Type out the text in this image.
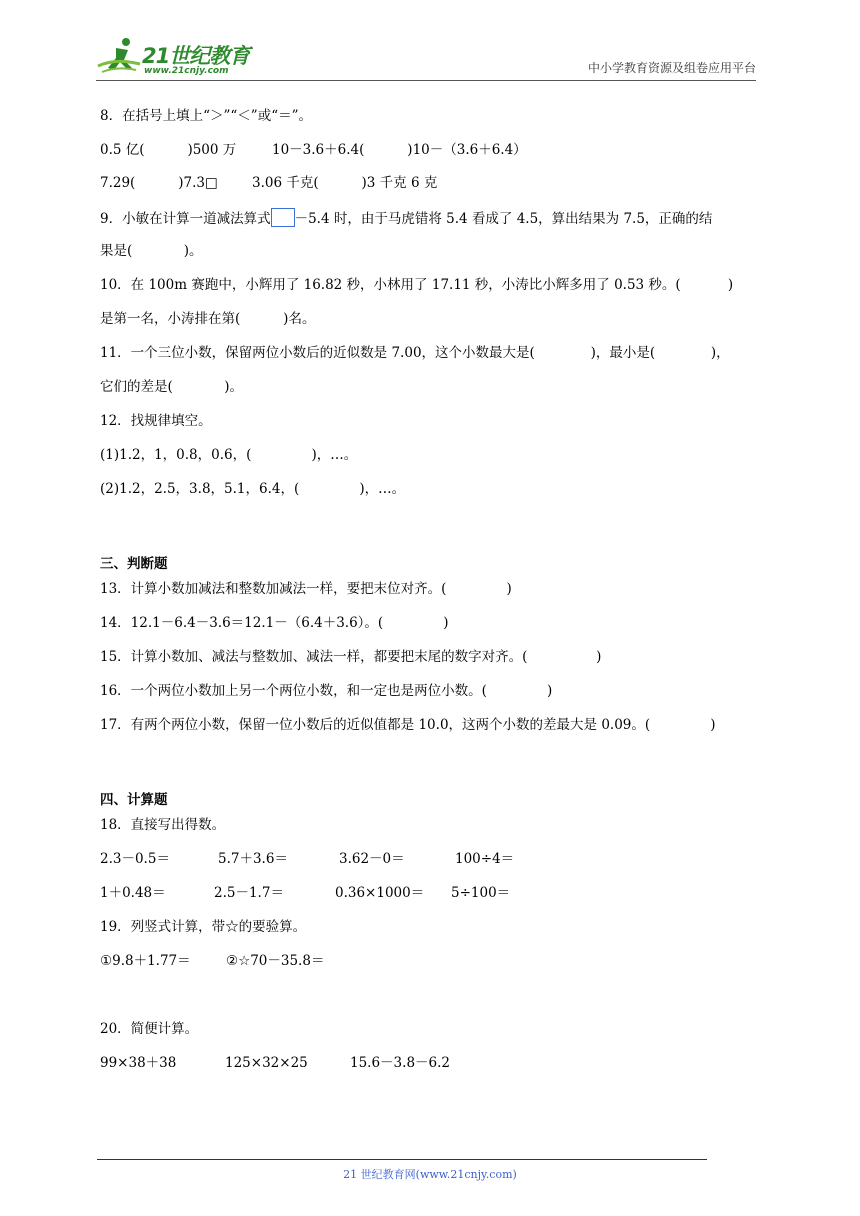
21世纪教育
www.21cnjy.com	中小学教育资源及组卷应用平台
8．在括号上填上“＞”“＜”或“＝”。
0.5 亿(          )500 万	10－3.6＋6.4(          )10－（3.6＋6.4）
7.29(          )7.3□	3.06 千克(          )3 千克 6 克
9．小敏在计算一道减法算式 －5.4 时，由于马虎错将 5.4 看成了 4.5，算出结果为 7.5，正确的结
果是(            )。
10．在 100m 赛跑中，小辉用了 16.82 秒，小林用了 17.11 秒，小涛比小辉多用了 0.53 秒。(           )
是第一名，小涛排在第(          )名。
11．一个三位小数，保留两位小数后的近似数是 7.00，这个小数最大是(             )，最小是(             )，
它们的差是(            )。
12．找规律填空。
(1)1.2，1，0.8，0.6，(              )，…。
(2)1.2，2.5，3.8，5.1，6.4，(              )，…。
三、判断题
13．计算小数加减法和整数加减法一样，要把末位对齐。(              )
14．12.1－6.4－3.6＝12.1－（6.4＋3.6）。(              )
15．计算小数加、减法与整数加、减法一样，都要把末尾的数字对齐。(                )
16．一个两位小数加上另一个两位小数，和一定也是两位小数。(              )
17．有两个两位小数，保留一位小数后的近似值都是 10.0，这两个小数的差最大是 0.09。(              )
四、计算题
18．直接写出得数。
2.3－0.5＝	5.7＋3.6＝	3.62－0＝	100÷4＝
1＋0.48＝	2.5－1.7＝	0.36×1000＝ 5÷100＝
19．列竖式计算，带☆的要验算。
①9.8＋1.77＝	②☆70－35.8＝
20．简便计算。
99×38＋38	125×32×25	15.6－3.8－6.2
21 世纪教育网(www.21cnjy.com)
